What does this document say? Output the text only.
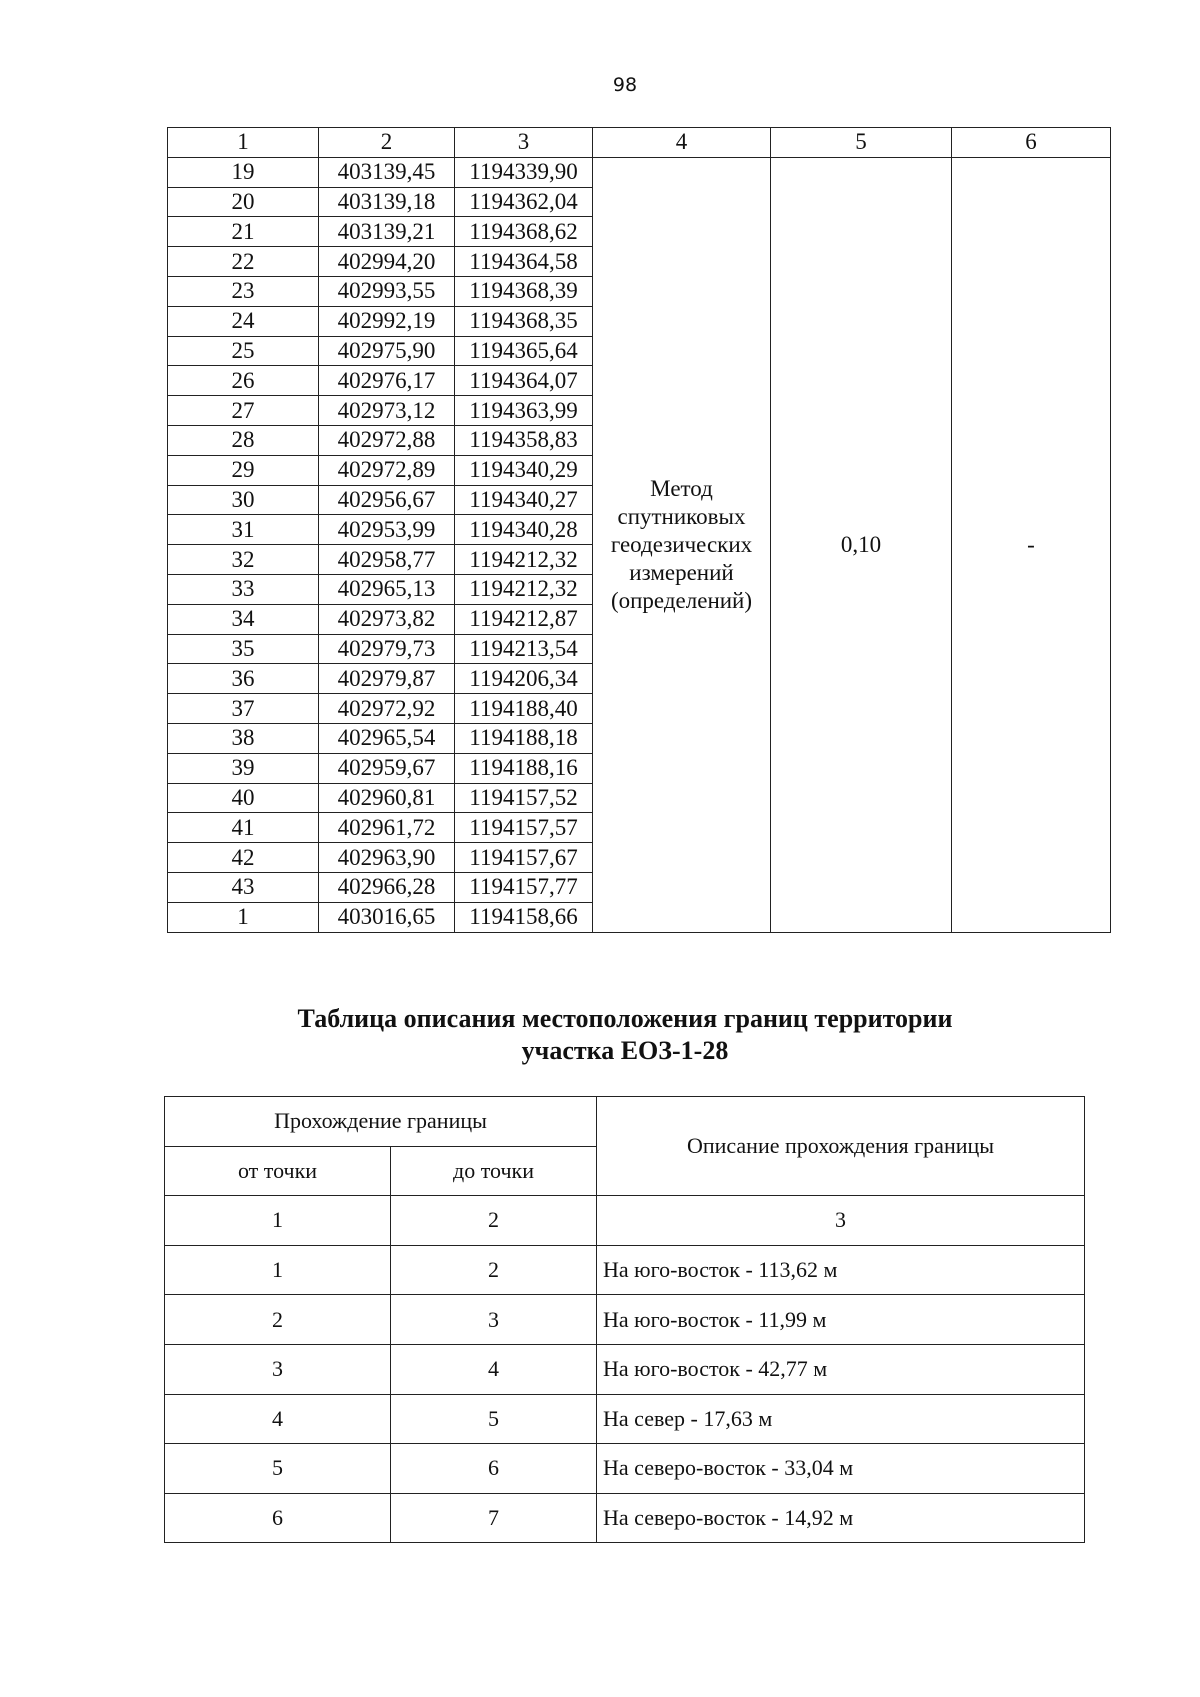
98
1	2	3	4	5	6
19	403139,45	1194339,90	Метод спутниковых геодезических измерений (определений)	0,10	-
20	403139,18	1194362,04			
21	403139,21	1194368,62			
22	402994,20	1194364,58			
23	402993,55	1194368,39			
24	402992,19	1194368,35			
25	402975,90	1194365,64			
26	402976,17	1194364,07			
27	402973,12	1194363,99			
28	402972,88	1194358,83			
29	402972,89	1194340,29			
30	402956,67	1194340,27			
31	402953,99	1194340,28			
32	402958,77	1194212,32			
33	402965,13	1194212,32			
34	402973,82	1194212,87			
35	402979,73	1194213,54			
36	402979,87	1194206,34			
37	402972,92	1194188,40			
38	402965,54	1194188,18			
39	402959,67	1194188,16			
40	402960,81	1194157,52			
41	402961,72	1194157,57			
42	402963,90	1194157,67			
43	402966,28	1194157,77			
1	403016,65	1194158,66			
Таблица описания местоположения границ территории
участка ЕОЗ-1-28
Прохождение границы		Описание прохождения границы
от точки	до точки	
1	2	3
1	2	На юго-восток - 113,62 м
2	3	На юго-восток - 11,99 м
3	4	На юго-восток - 42,77 м
4	5	На север - 17,63 м
5	6	На северо-восток - 33,04 м
6	7	На северо-восток - 14,92 м
